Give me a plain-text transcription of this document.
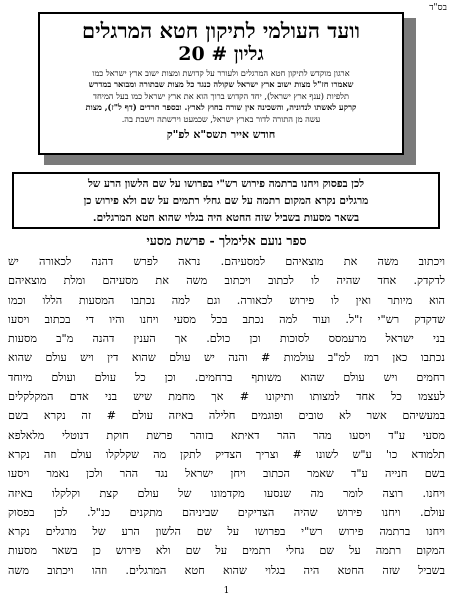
בס"ד
וועד העולמי לתיקון חטא המרגלים
גליון # 20
ארגון מוקדש לתיקון חטא המרגלים ולעורר על קדושת ומצות ישוב ארץ ישראל כמו
שאמרו חז"ל מצות ישוב ארץ ישראל שקולה כנגד כל מצות שבתורה ומבואר במדרש
תלפיות (ענף ארץ ישראל), יחד הקדוש ברוך הוא את ארץ ישראל כמו בעל המיחד
קרקע לאשתו לנדוניה, והשכינה אין שורה בחוץ לארץ. ובספר חרדים (דף ל"ז), מצות
עשה מן התורה לדור בארץ ישראל, שכמעט וירשתה וישבת בה.
חודש אייר תשס"א לפ"ק
לכן בפסוק ויחנו ברתמה פירוש רש"י בפרושו על שם הלשון הרע של
מרגלים נקרא המקום רתמה על שם גחלי רתמים על שם ולא פירוש כן
בשאר מסעות בשביל שזה החטא היה בגלוי שהוא חטא המרגלים.
ספר נועם אלימלך - פרשת מסעי
ויכתוב משה את מוצאיהם למסעיהם. נראה לפרש דהנה לכאורה יש
לדקדק. אחד שהיה לו לכתוב ויכתוב משה את מסעיהם ומלת מוצאיהם
הוא מיותר ואין לו פירוש לכאורה. וגם למה נכתבו המסעות הללו וכמו
שדקדק רש"י ז"ל. ועוד למה נכתב בכל מסעי ויחנו והיו די בכתוב ויסעו
בני ישראל מרעמסס לסוכות וכן כולם. אך הענין דהנה מ"ב מסעות
נכתבו כאן רמז למ"ב עולמות # והנה יש עולם שהוא דין ויש עולם שהוא
רחמים ויש עולם שהוא משותף ברחמים. וכן כל עולם ועולם מיוחד
לעצמו כל אחד למצותו ותיקונו # אך מחמת שיש בני אדם המקלקלים
במעשיהם אשר לא טובים ופוגמים חלילה באיזה עולם # זה נקרא בשם
מסעי ע"ד ויסעו מהר ההר דאיתא בזוהר פרשת חוקת דנוטלי מלאלפא
תלמודא כו' ע"ש לשונו # וצריך הצדיק לתקן מה שקלקלו עולם וזה נקרא
בשם חנייה ע"ד שאמר הכתוב ויחן ישראל נגד ההר ולכן נאמר ויסעו
ויחנו. רוצה לומר מה שנסעו מקדמונו של עולם קצת וקלקלו באיזה
עולם. ויחנו פירוש שהיה הצדיקים שביניהם מתקנים כנ"ל. לכן בפסוק
ויחנו ברתמה פירוש רש"י בפרושו על שם הלשון הרע של מרגלים נקרא
המקום רתמה על שם גחלי רתמים על שם ולא פירוש כן בשאר מסעות
בשביל שזה החטא היה בגלוי שהוא חטא המרגלים. וזהו ויכתוב משה
1
